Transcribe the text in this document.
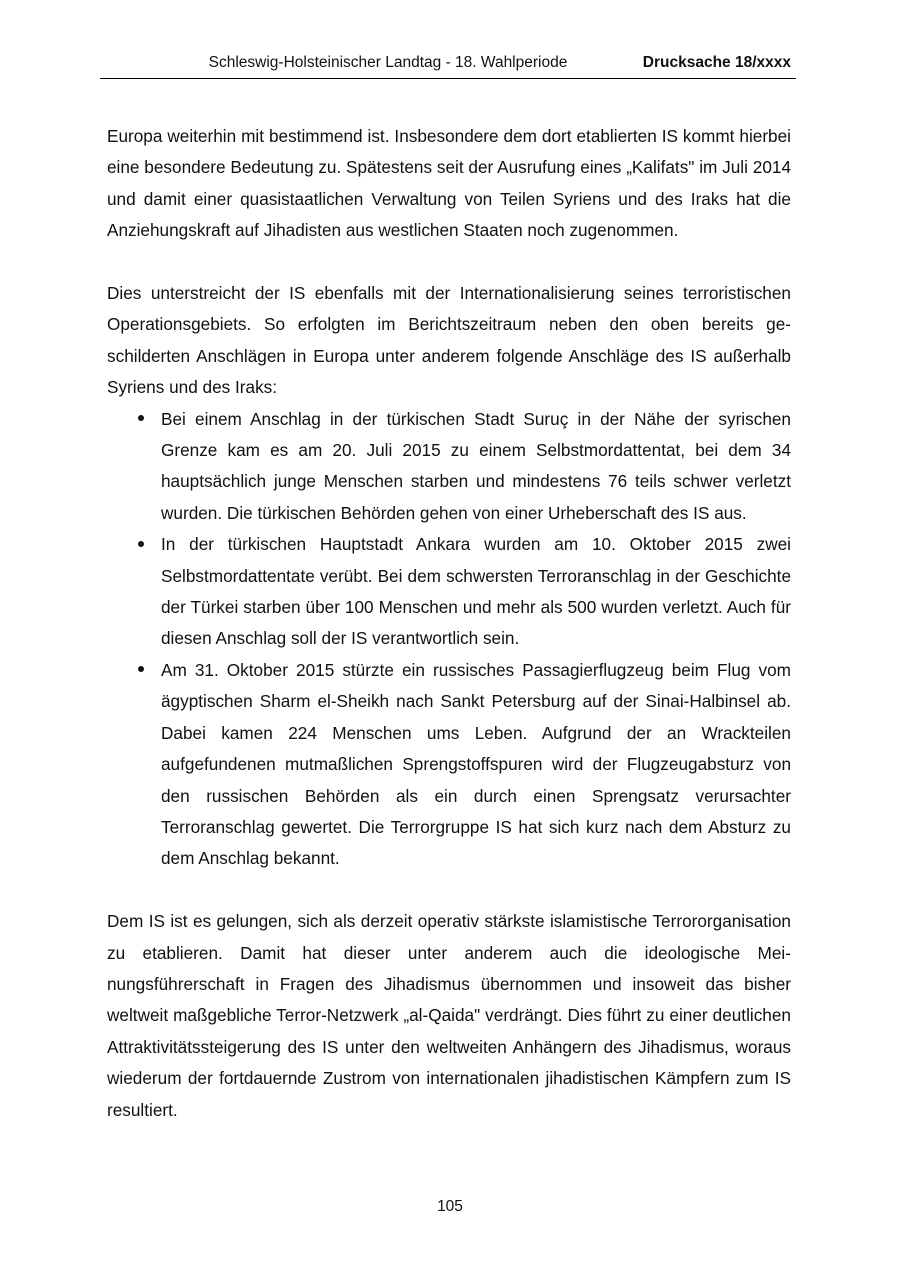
Schleswig-Holsteinischer Landtag - 18. Wahlperiode	Drucksache 18/xxxx

Europa weiterhin mit bestimmend ist. Insbesondere dem dort etablierten IS kommt hierbei eine besondere Bedeutung zu. Spätestens seit der Ausrufung eines „Kalifats" im Juli 2014 und damit einer quasistaatlichen Verwaltung von Teilen Syriens und des Iraks hat die Anziehungskraft auf Jihadisten aus westlichen Staaten noch zugenommen.

Dies unterstreicht der IS ebenfalls mit der Internationalisierung seines terroristischen Operationsgebiets. So erfolgten im Berichtszeitraum neben den oben bereits geschilderten Anschlägen in Europa unter anderem folgende Anschläge des IS außerhalb Syriens und des Iraks:

Bei einem Anschlag in der türkischen Stadt Suruç in der Nähe der syrischen Grenze kam es am 20. Juli 2015 zu einem Selbstmordattentat, bei dem 34 hauptsächlich junge Menschen starben und mindestens 76 teils schwer verletzt wurden. Die türkischen Behörden gehen von einer Urheberschaft des IS aus.
In der türkischen Hauptstadt Ankara wurden am 10. Oktober 2015 zwei Selbstmordattentate verübt. Bei dem schwersten Terroranschlag in der Geschichte der Türkei starben über 100 Menschen und mehr als 500 wurden verletzt. Auch für diesen Anschlag soll der IS verantwortlich sein.
Am 31. Oktober 2015 stürzte ein russisches Passagierflugzeug beim Flug vom ägyptischen Sharm el-Sheikh nach Sankt Petersburg auf der Sinai-Halbinsel ab. Dabei kamen 224 Menschen ums Leben. Aufgrund der an Wrackteilen aufgefundenen mutmaßlichen Sprengstoffspuren wird der Flugzeugabsturz von den russischen Behörden als ein durch einen Sprengsatz verursachter Terroranschlag gewertet. Die Terrorgruppe IS hat sich kurz nach dem Absturz zu dem Anschlag bekannt.

Dem IS ist es gelungen, sich als derzeit operativ stärkste islamistische Terrororganisation zu etablieren. Damit hat dieser unter anderem auch die ideologische Meinungsführerschaft in Fragen des Jihadismus übernommen und insoweit das bisher weltweit maßgebliche Terror-Netzwerk „al-Qaida" verdrängt. Dies führt zu einer deutlichen Attraktivitätssteigerung des IS unter den weltweiten Anhängern des Jihadismus, woraus wiederum der fortdauernde Zustrom von internationalen jihadistischen Kämpfern zum IS resultiert.

105
